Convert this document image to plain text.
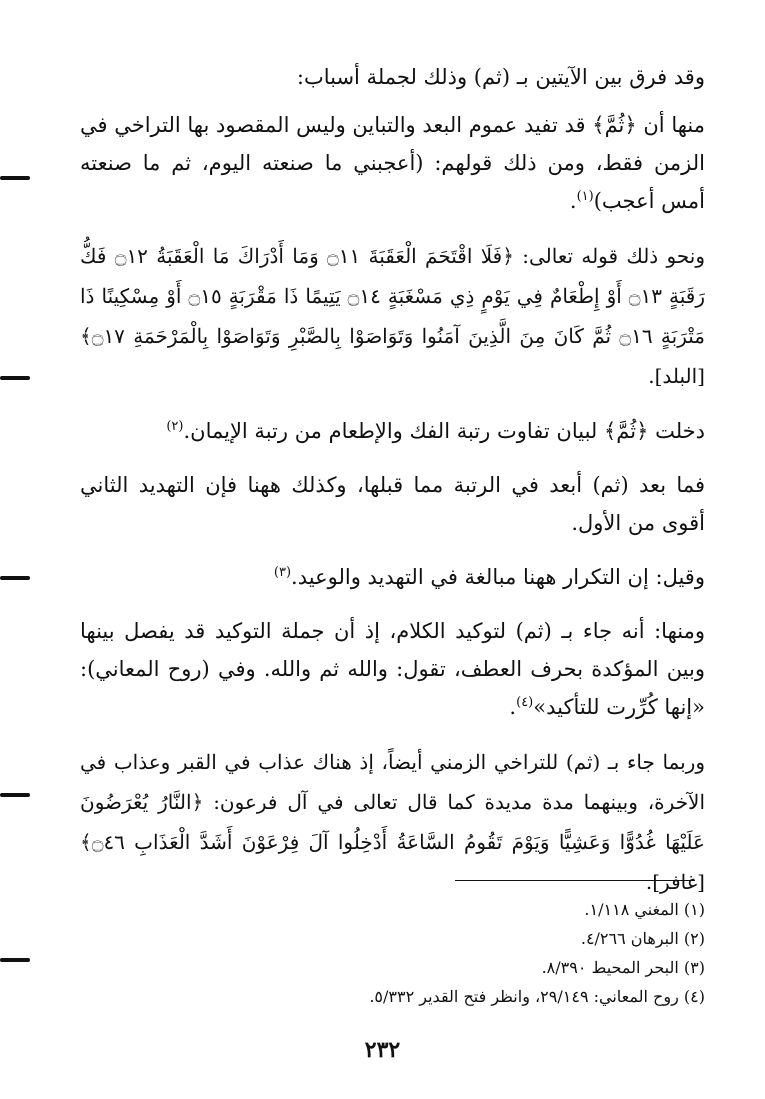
وقد فرق بين الآيتين بـ (ثم) وذلك لجملة أسباب:

منها أن ﴿ثُمَّ﴾ قد تفيد عموم البعد والتباين وليس المقصود بها التراخي في الزمن فقط، ومن ذلك قولهم: (أعجبني ما صنعته اليوم، ثم ما صنعته أمس أعجب)$^{(١)}$.

ونحو ذلك قوله تعالى: ﴿فَلَا اقْتَحَمَ الْعَقَبَةَ ۝١١ وَمَا أَدْرَاكَ مَا الْعَقَبَةُ ۝١٢ فَكُّ رَقَبَةٍ ۝١٣ أَوْ إِطْعَامٌ فِي يَوْمٍ ذِي مَسْغَبَةٍ ۝١٤ يَتِيمًا ذَا مَقْرَبَةٍ ۝١٥ أَوْ مِسْكِينًا ذَا مَتْرَبَةٍ ۝١٦ ثُمَّ كَانَ مِنَ الَّذِينَ آمَنُوا وَتَوَاصَوْا بِالصَّبْرِ وَتَوَاصَوْا بِالْمَرْحَمَةِ ۝١٧﴾ [البلد].

دخلت ﴿ثُمَّ﴾ لبيان تفاوت رتبة الفك والإطعام من رتبة الإيمان.$^{(٢)}$

فما بعد (ثم) أبعد في الرتبة مما قبلها، وكذلك ههنا فإن التهديد الثاني أقوى من الأول.

وقيل: إن التكرار ههنا مبالغة في التهديد والوعيد.$^{(٣)}$

ومنها: أنه جاء بـ (ثم) لتوكيد الكلام، إذ أن جملة التوكيد قد يفصل بينها وبين المؤكدة بحرف العطف، تقول: والله ثم والله. وفي (روح المعاني): «إنها كُرِّرت للتأكيد»$^{(٤)}$.

وربما جاء بـ (ثم) للتراخي الزمني أيضاً، إذ هناك عذاب في القبر وعذاب في الآخرة، وبينهما مدة مديدة كما قال تعالى في آل فرعون: ﴿النَّارُ يُعْرَضُونَ عَلَيْهَا غُدُوًّا وَعَشِيًّا وَيَوْمَ تَقُومُ السَّاعَةُ أَدْخِلُوا آلَ فِرْعَوْنَ أَشَدَّ الْعَذَابِ ۝٤٦﴾ [غافر].

(١) المغني ١/١١٨.

(٢) البرهان ٤/٢٦٦.

(٣) البحر المحيط ٨/٣٩٠.

(٤) روح المعاني: ٢٩/١٤٩، وانظر فتح القدير ٥/٣٣٢.

٢٣٢
